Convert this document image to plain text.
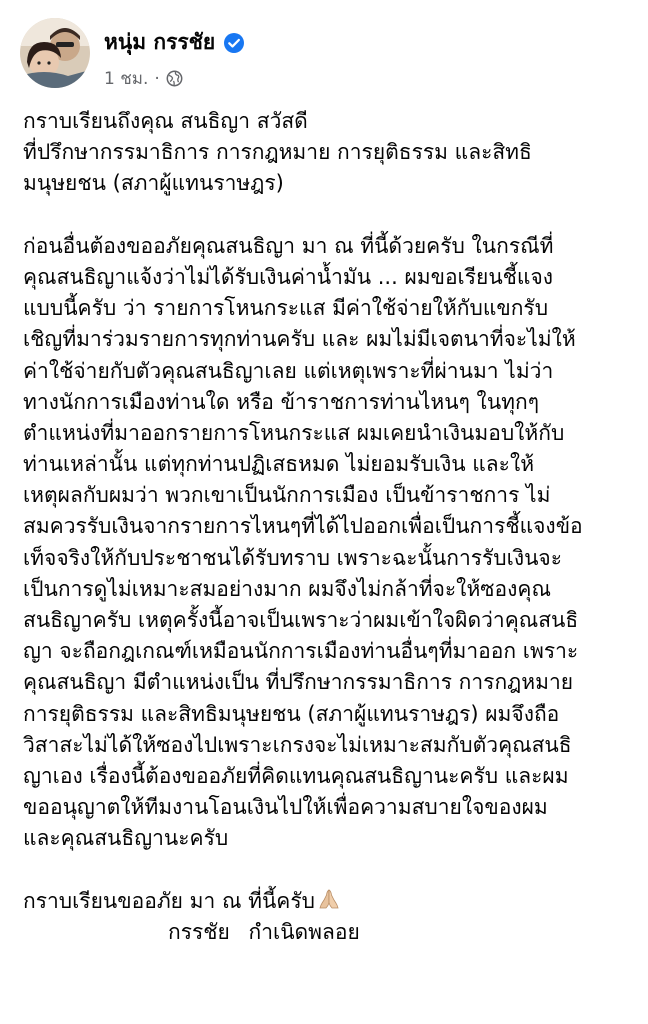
หนุ่ม กรรชัย
1 ชม. ·
กราบเรียนถึงคุณ สนธิญา สวัสดี
ที่ปรึกษากรรมาธิการ การกฎหมาย การยุติธรรม และสิทธิ
มนุษยชน (สภาผู้แทนราษฎร)
ก่อนอื่นต้องขออภัยคุณสนธิญา มา ณ ที่นี้ด้วยครับ ในกรณีที่
คุณสนธิญาแจ้งว่าไม่ได้รับเงินค่าน้ำมัน ... ผมขอเรียนชี้แจง
แบบนี้ครับ ว่า รายการโหนกระแส มีค่าใช้จ่ายให้กับแขกรับ
เชิญที่มาร่วมรายการทุกท่านครับ และ ผมไม่มีเจตนาที่จะไม่ให้
ค่าใช้จ่ายกับตัวคุณสนธิญาเลย แต่เหตุเพราะที่ผ่านมา ไม่ว่า
ทางนักการเมืองท่านใด หรือ ข้าราชการท่านไหนๆ ในทุกๆ
ตำแหน่งที่มาออกรายการโหนกระแส ผมเคยนำเงินมอบให้กับ
ท่านเหล่านั้น แต่ทุกท่านปฏิเสธหมด ไม่ยอมรับเงิน และให้
เหตุผลกับผมว่า พวกเขาเป็นนักการเมือง เป็นข้าราชการ ไม่
สมควรรับเงินจากรายการไหนๆที่ได้ไปออกเพื่อเป็นการชี้แจงข้อ
เท็จจริงให้กับประชาชนได้รับทราบ เพราะฉะนั้นการรับเงินจะ
เป็นการดูไม่เหมาะสมอย่างมาก ผมจึงไม่กล้าที่จะให้ซองคุณ
สนธิญาครับ เหตุครั้งนี้อาจเป็นเพราะว่าผมเข้าใจผิดว่าคุณสนธิ
ญา จะถือกฎเกณฑ์เหมือนนักการเมืองท่านอื่นๆที่มาออก เพราะ
คุณสนธิญา มีตำแหน่งเป็น ที่ปรึกษากรรมาธิการ การกฎหมาย
การยุติธรรม และสิทธิมนุษยชน (สภาผู้แทนราษฎร) ผมจึงถือ
วิสาสะไม่ได้ให้ซองไปเพราะเกรงจะไม่เหมาะสมกับตัวคุณสนธิ
ญาเอง เรื่องนี้ต้องขออภัยที่คิดแทนคุณสนธิญานะครับ และผม
ขออนุญาตให้ทีมงานโอนเงินไปให้เพื่อความสบายใจของผม
และคุณสนธิญานะครับ
กราบเรียนขออภัย มา ณ ที่นี้ครับ
กรรชัย กำเนิดพลอย
